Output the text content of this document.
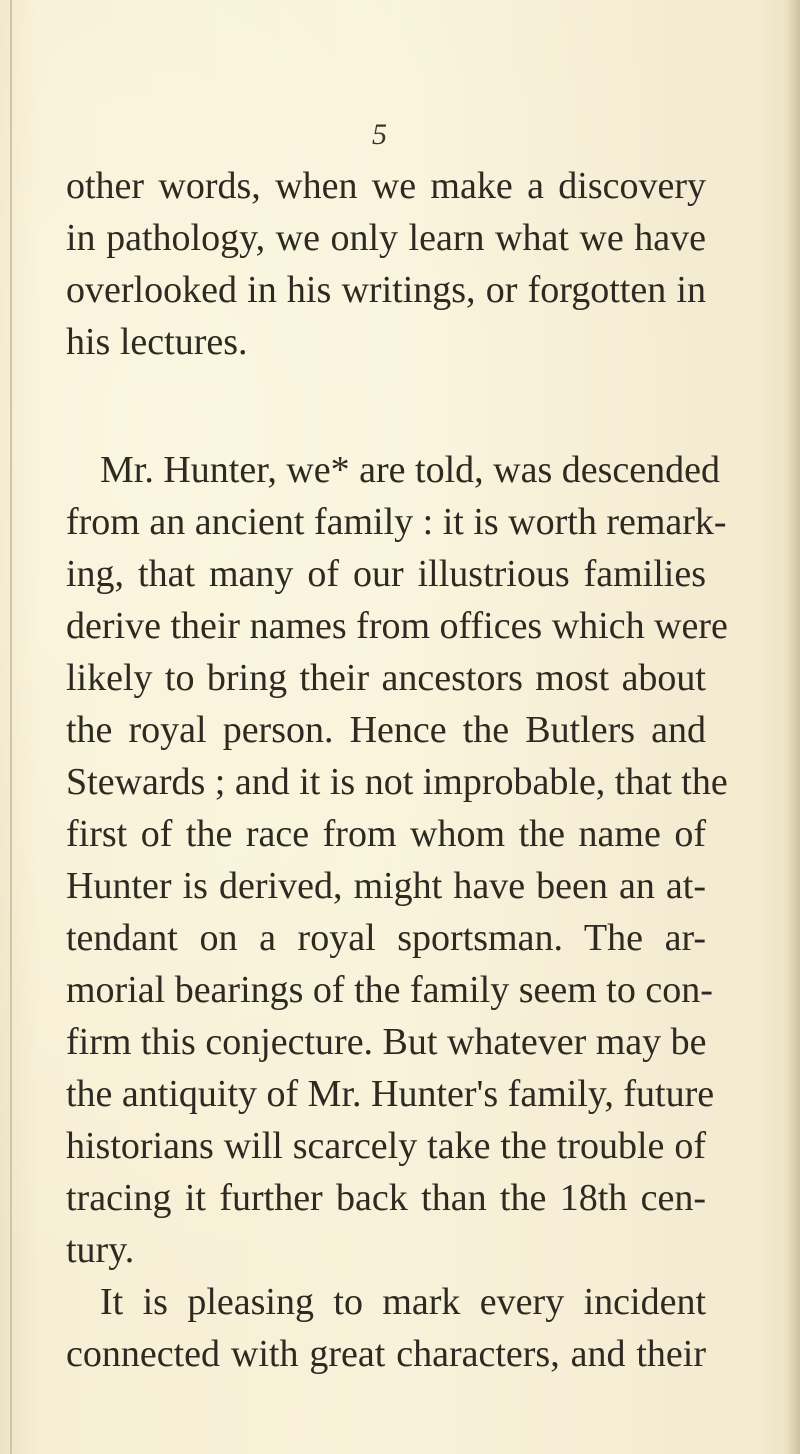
5
other words, when we make a discovery
in pathology, we only learn what we have
overlooked in his writings, or forgotten in
his lectures.
Mr. Hunter, we* are told, was descended
from an ancient family : it is worth remark-
ing, that many of our illustrious families
derive their names from offices which were
likely to bring their ancestors most about
the royal person. Hence the Butlers and
Stewards ; and it is not improbable, that the
first of the race from whom the name of
Hunter is derived, might have been an at-
tendant on a royal sportsman. The ar-
morial bearings of the family seem to con-
firm this conjecture. But whatever may be
the antiquity of Mr. Hunter's family, future
historians will scarcely take the trouble of
tracing it further back than the 18th cen-
tury.
It is pleasing to mark every incident
connected with great characters, and their
